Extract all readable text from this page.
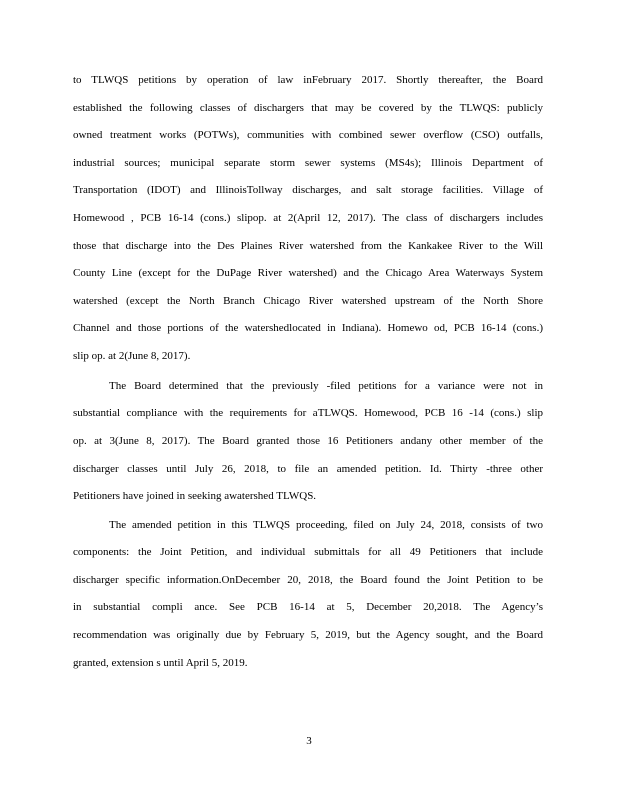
to TLWQS petitions by operation of law inFebruary 2017. Shortly thereafter, the Board
established the following classes of dischargers that may be covered by the TLWQS: publicly
owned treatment works (POTWs), communities with combined sewer overflow (CSO) outfalls,
industrial sources; municipal separate storm sewer systems (MS4s); Illinois Department of
Transportation (IDOT) and IllinoisTollway discharges, and salt storage facilities. Village of
Homewood , PCB 16-14 (cons.) slipop. at 2(April 12, 2017). The class of dischargers includes
those that discharge into the Des Plaines River watershed from the Kankakee River to the Will
County Line (except for the DuPage River watershed) and the Chicago Area Waterways System
watershed (except the North Branch Chicago River watershed upstream of the North Shore
Channel and those portions of the watershedlocated in Indiana). Homewo od, PCB 16-14 (cons.)
slip op. at 2(June 8, 2017).
The Board determined that the previously -filed petitions for a variance were not in
substantial compliance with the requirements for aTLWQS. Homewood, PCB 16 -14 (cons.) slip
op. at 3(June 8, 2017). The Board granted those 16 Petitioners andany other member of the
discharger classes until July 26, 2018, to file an amended petition. Id. Thirty -three other
Petitioners have joined in seeking awatershed TLWQS.
The amended petition in this TLWQS proceeding, filed on July 24, 2018, consists of two
components: the Joint Petition, and individual submittals for all 49 Petitioners that include
discharger specific information.OnDecember 20, 2018, the Board found the Joint Petition to be
in substantial compli ance. See PCB 16-14 at 5, December 20,2018. The Agency’s
recommendation was originally due by February 5, 2019, but the Agency sought, and the Board
granted, extension s until April 5, 2019.
3
